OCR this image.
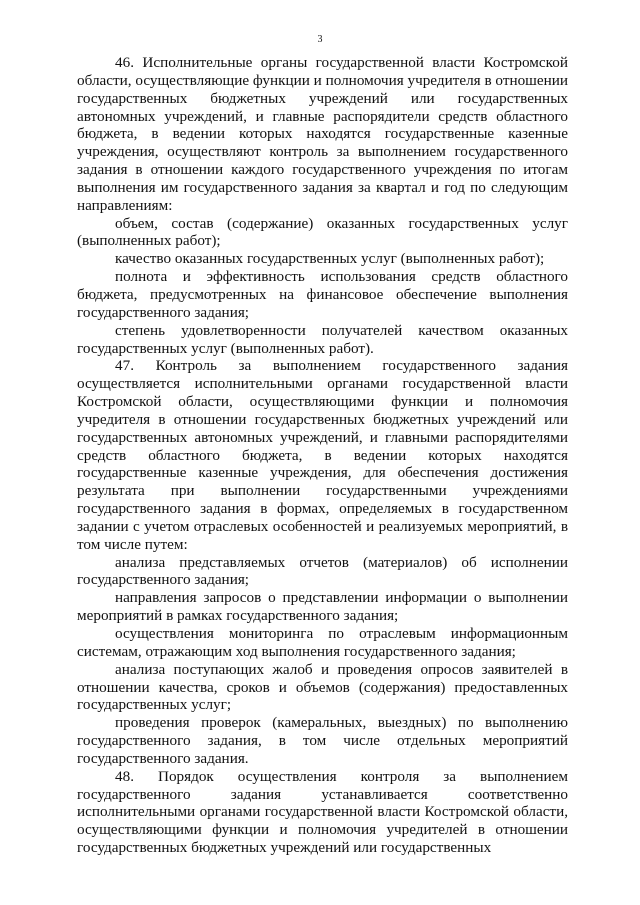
3

46. Исполнительные органы государственной власти Костромской области, осуществляющие функции и полномочия учредителя в отношении государственных бюджетных учреждений или государственных автономных учреждений, и главные распорядители средств областного бюджета, в ведении которых находятся государственные казенные учреждения, осуществляют контроль за выполнением государственного задания в отношении каждого государственного учреждения по итогам выполнения им государственного задания за квартал и год по следующим направлениям:

объем, состав (содержание) оказанных государственных услуг (выполненных работ);

качество оказанных государственных услуг (выполненных работ);

полнота и эффективность использования средств областного бюджета, предусмотренных на финансовое обеспечение выполнения государственного задания;

степень удовлетворенности получателей качеством оказанных государственных услуг (выполненных работ).

47. Контроль за выполнением государственного задания осуществляется исполнительными органами государственной власти Костромской области, осуществляющими функции и полномочия учредителя в отношении государственных бюджетных учреждений или государственных автономных учреждений, и главными распорядителями средств областного бюджета, в ведении которых находятся государственные казенные учреждения, для обеспечения достижения результата при выполнении государственными учреждениями государственного задания в формах, определяемых в государственном задании с учетом отраслевых особенностей и реализуемых мероприятий, в том числе путем:

анализа представляемых отчетов (материалов) об исполнении государственного задания;

направления запросов о представлении информации о выполнении мероприятий в рамках государственного задания;

осуществления мониторинга по отраслевым информационным системам, отражающим ход выполнения государственного задания;

анализа поступающих жалоб и проведения опросов заявителей в отношении качества, сроков и объемов (содержания) предоставленных государственных услуг;

проведения проверок (камеральных, выездных) по выполнению государственного задания, в том числе отдельных мероприятий государственного задания.

48. Порядок осуществления контроля за выполнением государственного задания устанавливается соответственно исполнительными органами государственной власти Костромской области, осуществляющими функции и полномочия учредителей в отношении государственных бюджетных учреждений или государственных
